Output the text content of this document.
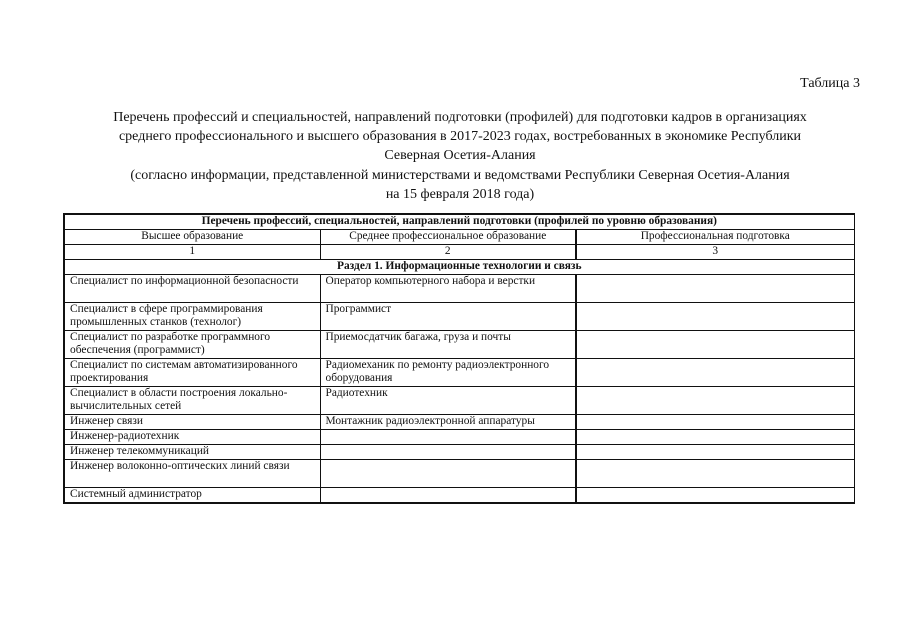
Таблица 3

Перечень профессий и специальностей, направлений подготовки (профилей) для подготовки кадров в организациях

среднего профессионального и высшего образования в 2017-2023 годах, востребованных в экономике Республики

Северная Осетия-Алания

(согласно информации, представленной министерствами и ведомствами Республики Северная Осетия-Алания

на 15 февраля 2018 года)

Перечень профессий, специальностей, направлений подготовки (профилей по уровню образования)		
Высшее образование	Среднее профессиональное образование	Профессиональная подготовка
1	2	3
Раздел 1. Информационные технологии и связь		
Специалист по информационной безопасности	Оператор компьютерного набора и верстки	
Специалист в сфере программирования промышленных станков (технолог)	Программист	
Специалист по разработке программного обеспечения (программист)	Приемосдатчик багажа, груза и почты	
Специалист по системам автоматизированного проектирования	Радиомеханик по ремонту радиоэлектронного оборудования	
Специалист в области построения локально-вычислительных сетей	Радиотехник	
Инженер связи	Монтажник радиоэлектронной аппаратуры	
Инженер-радиотехник		
Инженер телекоммуникаций		
Инженер волоконно-оптических линий связи		
Системный администратор		
